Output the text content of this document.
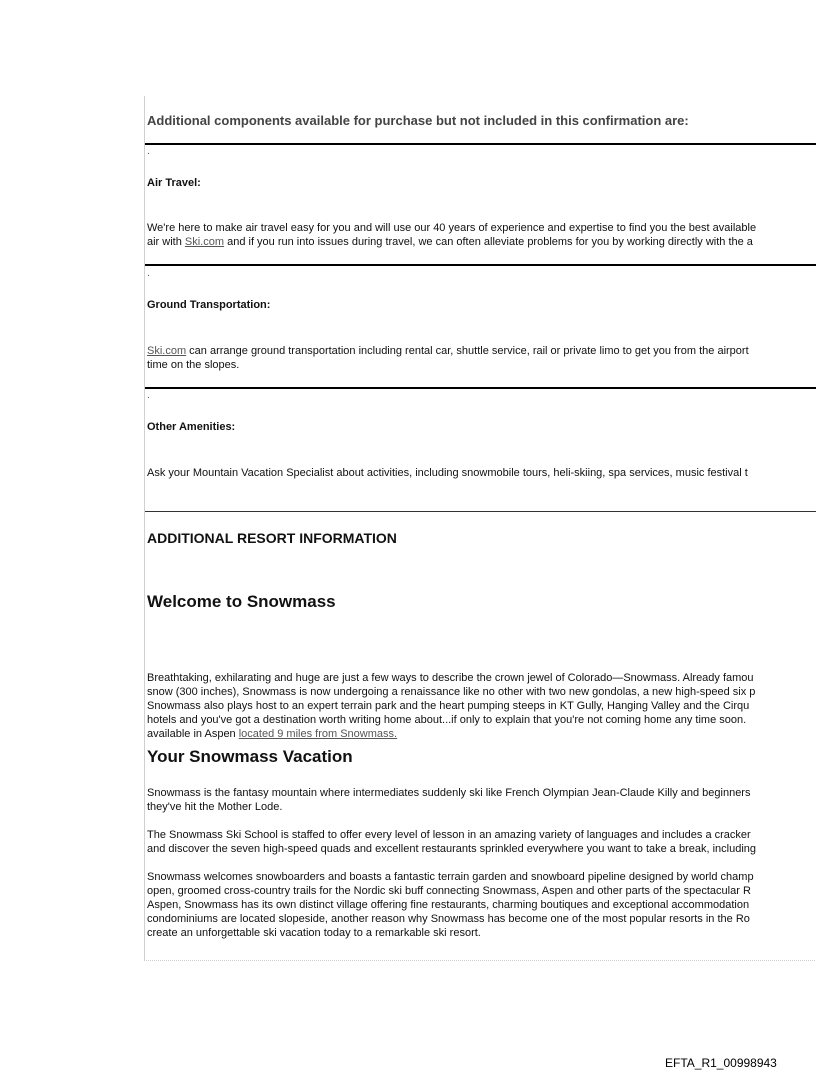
Additional components available for purchase but not included in this confirmation are:
.
Air Travel:
We're here to make air travel easy for you and will use our 40 years of experience and expertise to find you the best available
air with Ski.com and if you run into issues during travel, we can often alleviate problems for you by working directly with the a
.
Ground Transportation:
Ski.com can arrange ground transportation including rental car, shuttle service, rail or private limo to get you from the airport
time on the slopes.
.
Other Amenities:
Ask your Mountain Vacation Specialist about activities, including snowmobile tours, heli-skiing, spa services, music festival t
ADDITIONAL RESORT INFORMATION
Welcome to Snowmass
Breathtaking, exhilarating and huge are just a few ways to describe the crown jewel of Colorado—Snowmass. Already famou
snow (300 inches), Snowmass is now undergoing a renaissance like no other with two new gondolas, a new high-speed six p
Snowmass also plays host to an expert terrain park and the heart pumping steeps in KT Gully, Hanging Valley and the Cirqu
hotels and you've got a destination worth writing home about...if only to explain that you're not coming home any time soon.
available in Aspen located 9 miles from Snowmass.
Your Snowmass Vacation
Snowmass is the fantasy mountain where intermediates suddenly ski like French Olympian Jean-Claude Killy and beginners
they've hit the Mother Lode.
The Snowmass Ski School is staffed to offer every level of lesson in an amazing variety of languages and includes a cracker
and discover the seven high-speed quads and excellent restaurants sprinkled everywhere you want to take a break, including
Snowmass welcomes snowboarders and boasts a fantastic terrain garden and snowboard pipeline designed by world champ
open, groomed cross-country trails for the Nordic ski buff connecting Snowmass, Aspen and other parts of the spectacular R
Aspen, Snowmass has its own distinct village offering fine restaurants, charming boutiques and exceptional accommodation
condominiums are located slopeside, another reason why Snowmass has become one of the most popular resorts in the Ro
create an unforgettable ski vacation today to a remarkable ski resort.
EFTA_R1_00998943
